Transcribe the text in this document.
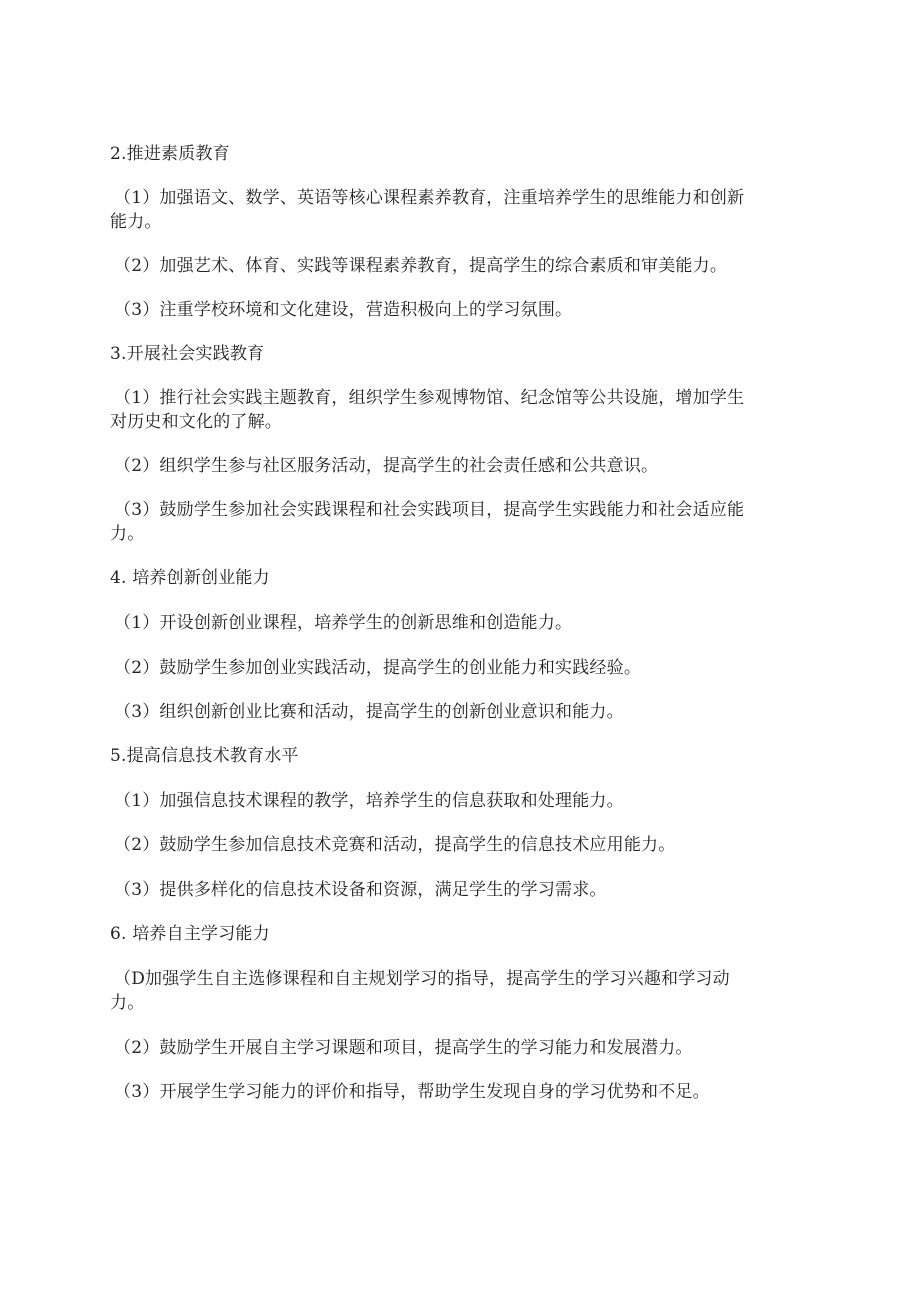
2.推进素质教育
（1）加强语文、数学、英语等核心课程素养教育，注重培养学生的思维能力和创新
能力。
（2）加强艺术、体育、实践等课程素养教育，提高学生的综合素质和审美能力。
（3）注重学校环境和文化建设，营造积极向上的学习氛围。
3.开展社会实践教育
（1）推行社会实践主题教育，组织学生参观博物馆、纪念馆等公共设施，增加学生
对历史和文化的了解。
（2）组织学生参与社区服务活动，提高学生的社会责任感和公共意识。
（3）鼓励学生参加社会实践课程和社会实践项目，提高学生实践能力和社会适应能
力。
4. 培养创新创业能力
（1）开设创新创业课程，培养学生的创新思维和创造能力。
（2）鼓励学生参加创业实践活动，提高学生的创业能力和实践经验。
（3）组织创新创业比赛和活动，提高学生的创新创业意识和能力。
5.提高信息技术教育水平
（1）加强信息技术课程的教学，培养学生的信息获取和处理能力。
（2）鼓励学生参加信息技术竞赛和活动，提高学生的信息技术应用能力。
（3）提供多样化的信息技术设备和资源，满足学生的学习需求。
6. 培养自主学习能力
（D加强学生自主选修课程和自主规划学习的指导，提高学生的学习兴趣和学习动
力。
（2）鼓励学生开展自主学习课题和项目，提高学生的学习能力和发展潜力。
（3）开展学生学习能力的评价和指导，帮助学生发现自身的学习优势和不足。
